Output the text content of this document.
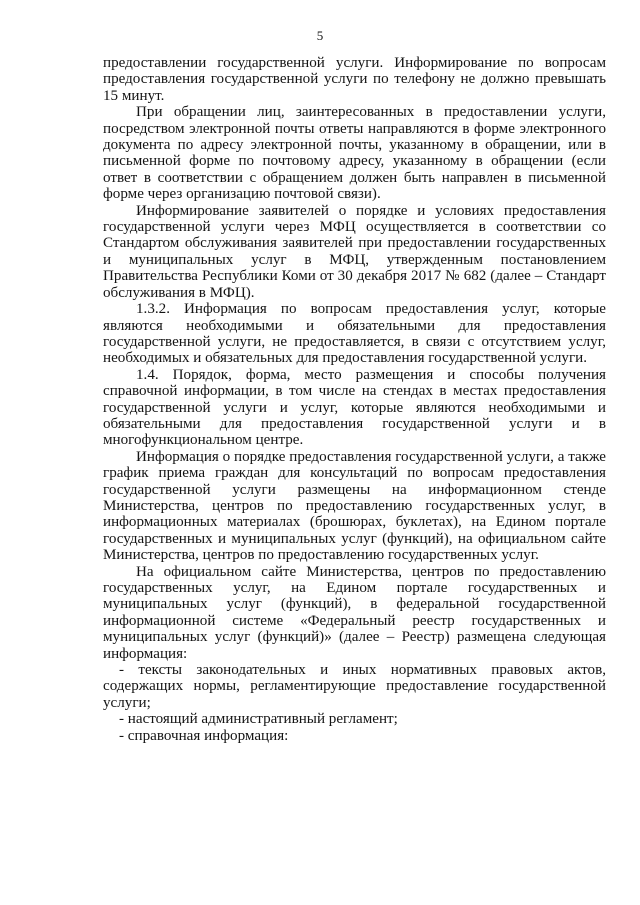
5

предоставлении государственной услуги. Информирование по вопросам предоставления государственной услуги по телефону не должно превышать 15 минут.

При обращении лиц, заинтересованных в предоставлении услуги, посредством электронной почты ответы направляются в форме электронного документа по адресу электронной почты, указанному в обращении, или в письменной форме по почтовому адресу, указанному в обращении (если ответ в соответствии с обращением должен быть направлен в письменной форме через организацию почтовой связи).

Информирование заявителей о порядке и условиях предоставления государственной услуги через МФЦ осуществляется в соответствии со Стандартом обслуживания заявителей при предоставлении государственных и муниципальных услуг в МФЦ, утвержденным постановлением Правительства Республики Коми от 30 декабря 2017 № 682 (далее – Стандарт обслуживания в МФЦ).

1.3.2. Информация по вопросам предоставления услуг, которые являются необходимыми и обязательными для предоставления государственной услуги, не предоставляется, в связи с отсутствием услуг, необходимых и обязательных для предоставления государственной услуги.

1.4. Порядок, форма, место размещения и способы получения справочной информации, в том числе на стендах в местах предоставления государственной услуги и услуг, которые являются необходимыми и обязательными для предоставления государственной услуги и в многофункциональном центре.

Информация о порядке предоставления государственной услуги, а также график приема граждан для консультаций по вопросам предоставления государственной услуги размещены на информационном стенде Министерства, центров по предоставлению государственных услуг, в информационных материалах (брошюрах, буклетах), на Едином портале государственных и муниципальных услуг (функций), на официальном сайте Министерства, центров по предоставлению государственных услуг.

На официальном сайте Министерства, центров по предоставлению государственных услуг, на Едином портале государственных и муниципальных услуг (функций), в федеральной государственной информационной системе «Федеральный реестр государственных и муниципальных услуг (функций)» (далее – Реестр) размещена следующая информация:

- тексты законодательных и иных нормативных правовых актов, содержащих нормы, регламентирующие предоставление государственной услуги;

- настоящий административный регламент;

- справочная информация:
